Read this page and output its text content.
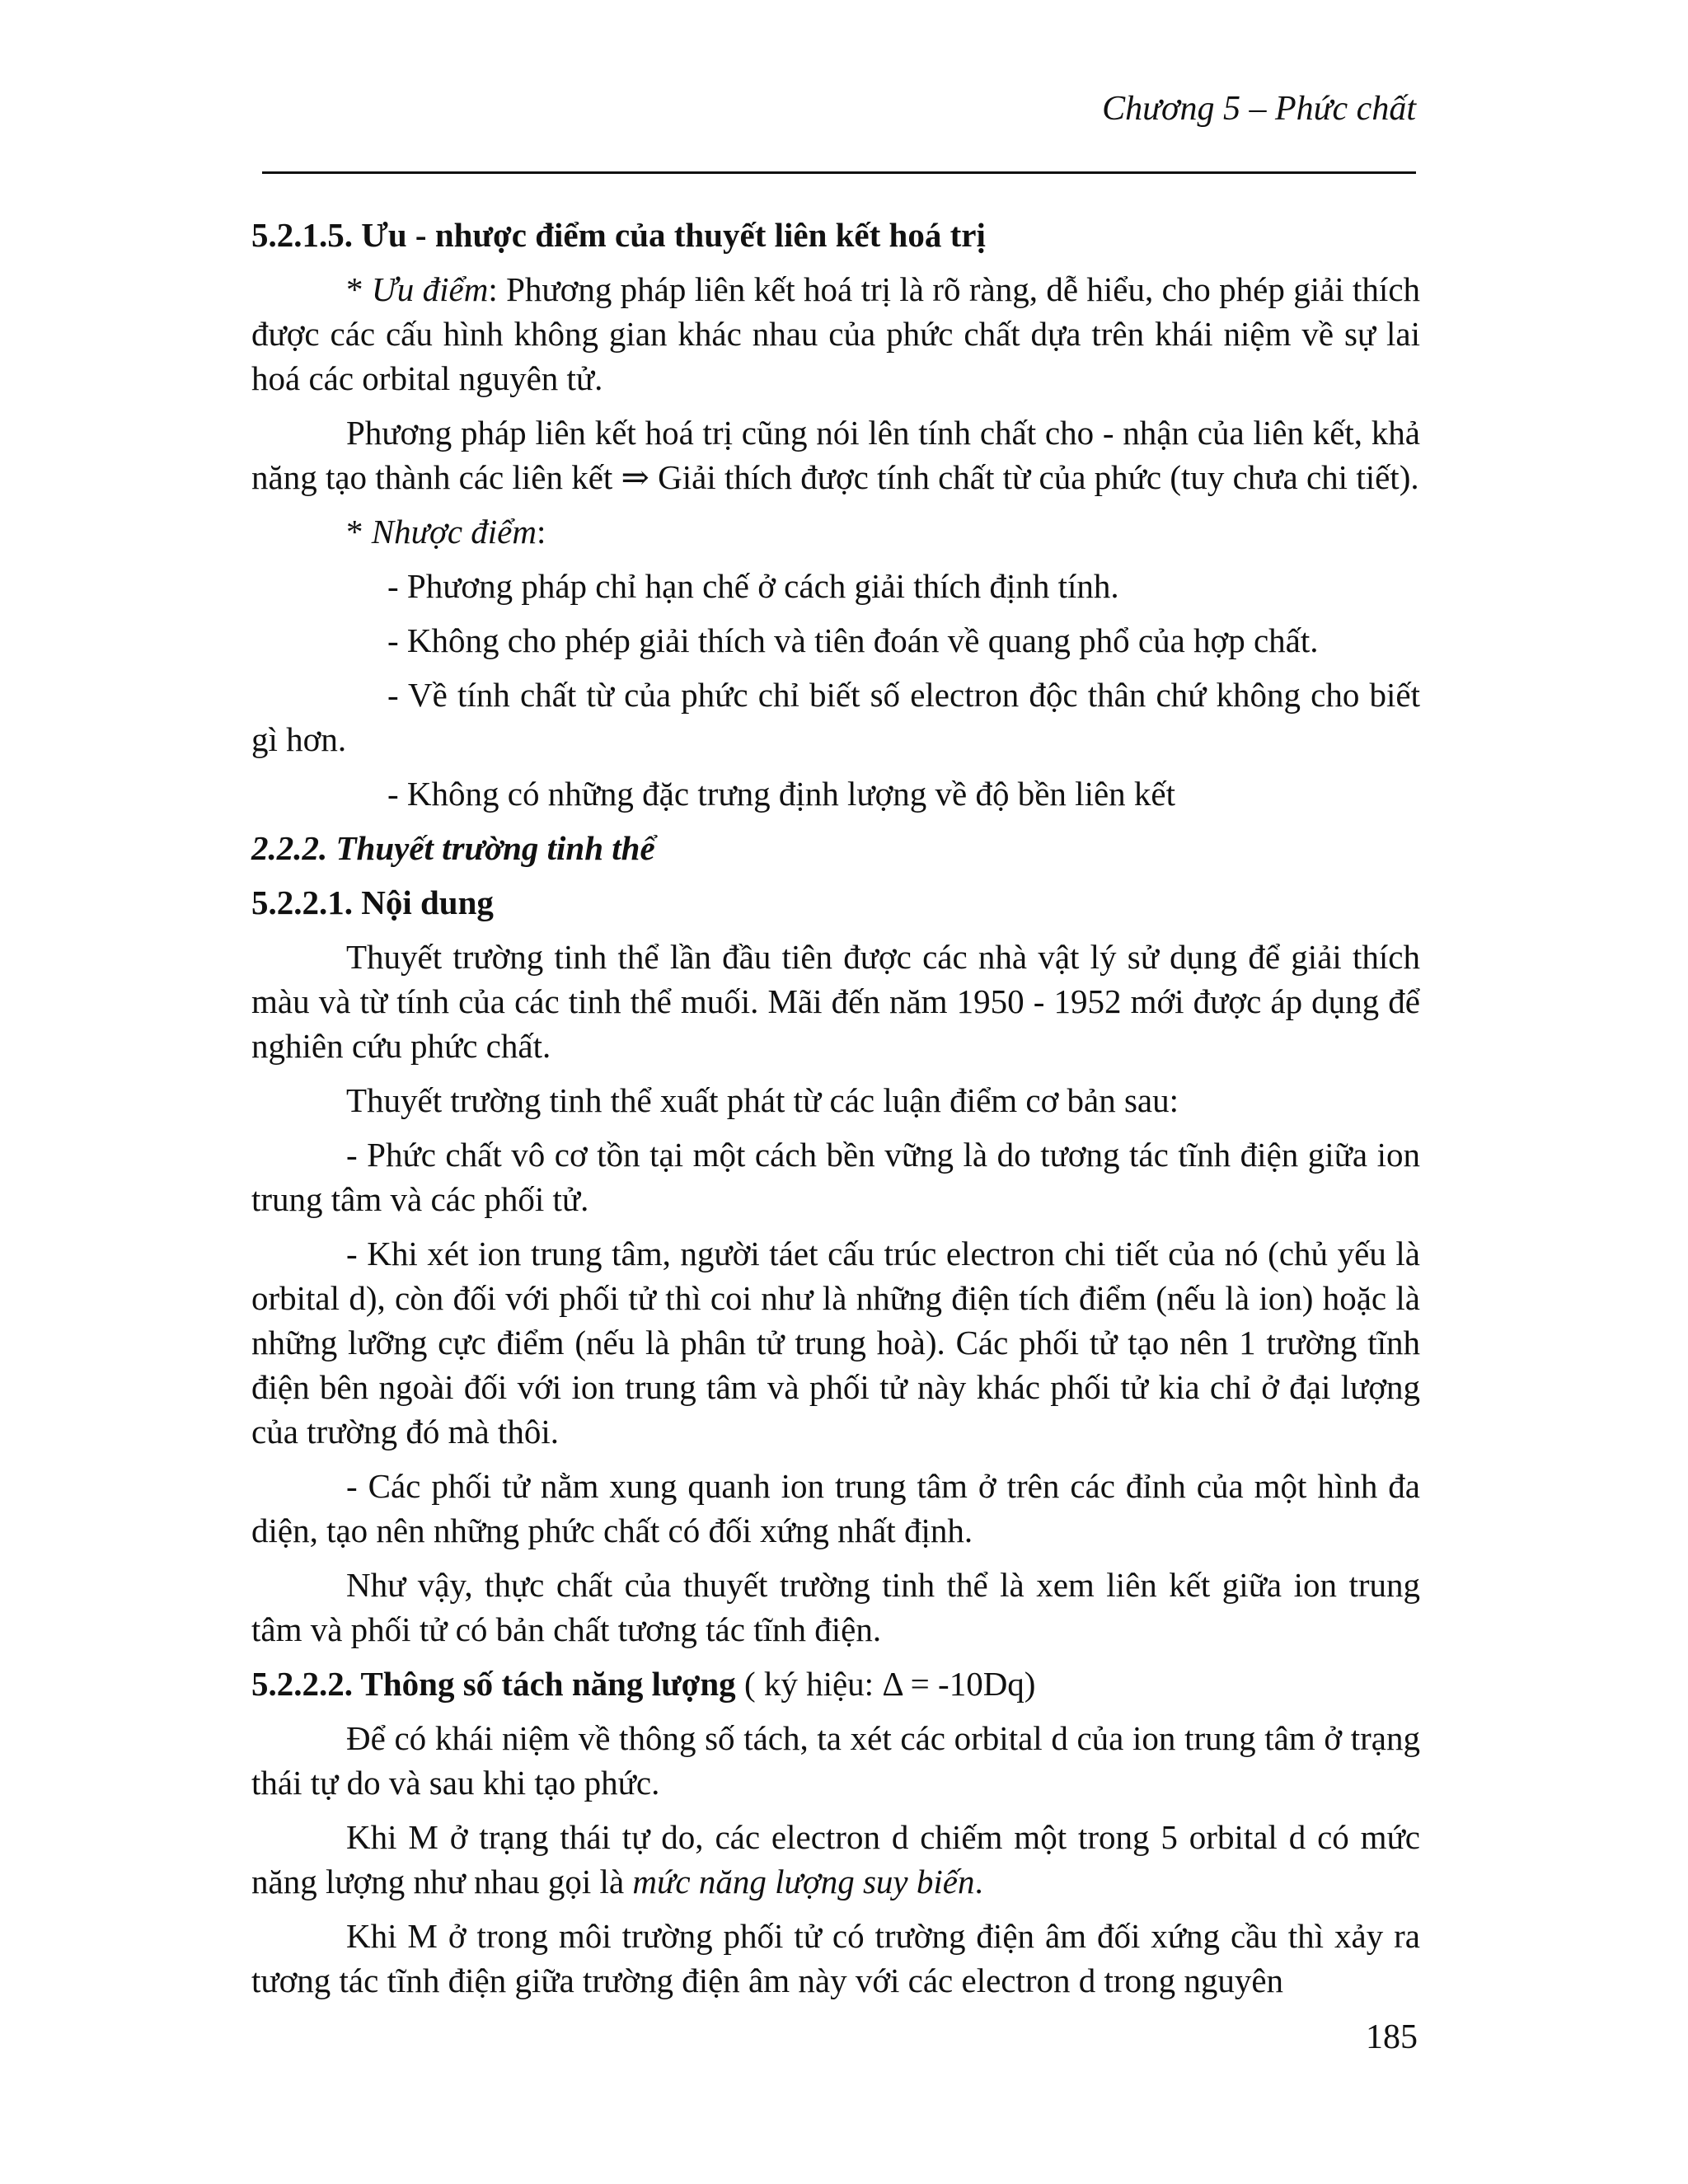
Chương 5 – Phức chất

5.2.1.5. Ưu - nhược điểm của thuyết liên kết hoá trị

* Ưu điểm: Phương pháp liên kết hoá trị là rõ ràng, dễ hiểu, cho phép giải thích được các cấu hình không gian khác nhau của phức chất dựa trên khái niệm về sự lai hoá các orbital nguyên tử.

Phương pháp liên kết hoá trị cũng nói lên tính chất cho - nhận của liên kết, khả năng tạo thành các liên kết ⇒ Giải thích được tính chất từ của phức (tuy chưa chi tiết).

* Nhược điểm:

- Phương pháp chỉ hạn chế ở cách giải thích định tính.

- Không cho phép giải thích và tiên đoán về quang phổ của hợp chất.

- Về tính chất từ của phức chỉ biết số electron độc thân chứ không cho biết gì hơn.

- Không có những đặc trưng định lượng về độ bền liên kết

2.2.2. Thuyết trường tinh thể

5.2.2.1. Nội dung

Thuyết trường tinh thể lần đầu tiên được các nhà vật lý sử dụng để giải thích màu và từ tính của các tinh thể muối. Mãi đến năm 1950 - 1952 mới được áp dụng để nghiên cứu phức chất.

Thuyết trường tinh thể xuất phát từ các luận điểm cơ bản sau:

- Phức chất vô cơ tồn tại một cách bền vững là do tương tác tĩnh điện giữa ion trung tâm và các phối tử.

- Khi xét ion trung tâm, người táet cấu trúc electron chi tiết của nó (chủ yếu là orbital d), còn đối với phối tử thì coi như là những điện tích điểm (nếu là ion) hoặc là những lưỡng cực điểm (nếu là phân tử trung hoà). Các phối tử tạo nên 1 trường tĩnh điện bên ngoài đối với ion trung tâm và phối tử này khác phối tử kia chỉ ở đại lượng của trường đó mà thôi.

- Các phối tử nằm xung quanh ion trung tâm ở trên các đỉnh của một hình đa diện, tạo nên những phức chất có đối xứng nhất định.

Như vậy, thực chất của thuyết trường tinh thể là xem liên kết giữa ion trung tâm và phối tử có bản chất tương tác tĩnh điện.

5.2.2.2. Thông số tách năng lượng ( ký hiệu: Δ = -10Dq)

Để có khái niệm về thông số tách, ta xét các orbital d của ion trung tâm ở trạng thái tự do và sau khi tạo phức.

Khi M ở trạng thái tự do, các electron d chiếm một trong 5 orbital d có mức năng lượng như nhau gọi là mức năng lượng suy biến.

Khi M ở trong môi trường phối tử có trường điện âm đối xứng cầu thì xảy ra tương tác tĩnh điện giữa trường điện âm này với các electron d trong nguyên

185
